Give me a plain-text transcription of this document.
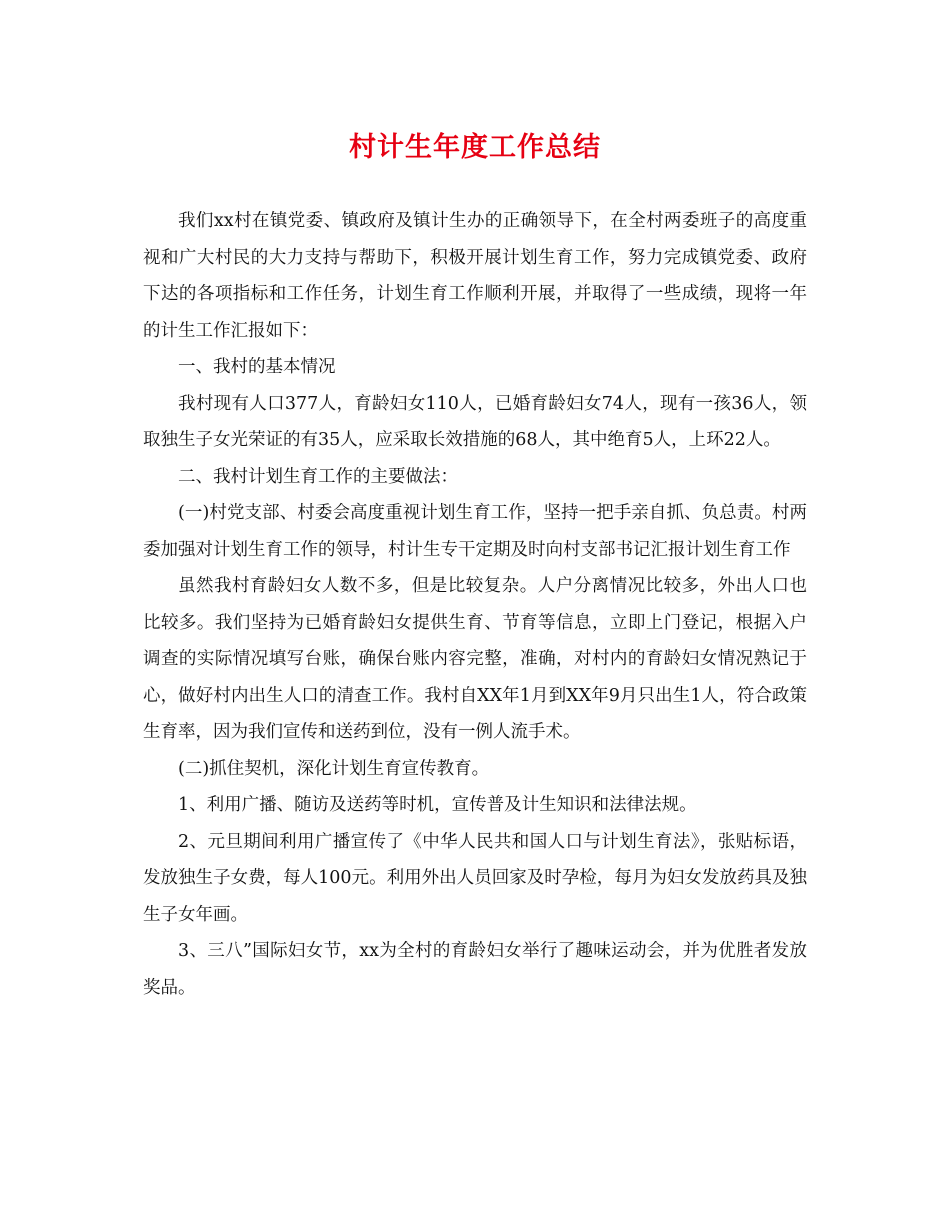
村计生年度工作总结

我们xx村在镇党委、镇政府及镇计生办的正确领导下，在全村两委班子的高度重视和广大村民的大力支持与帮助下，积极开展计划生育工作，努力完成镇党委、政府下达的各项指标和工作任务，计划生育工作顺利开展，并取得了一些成绩，现将一年的计生工作汇报如下：

一、我村的基本情况

我村现有人口377人，育龄妇女110人，已婚育龄妇女74人，现有一孩36人，领取独生子女光荣证的有35人，应采取长效措施的68人，其中绝育5人，上环22人。

二、我村计划生育工作的主要做法：

(一)村党支部、村委会高度重视计划生育工作，坚持一把手亲自抓、负总责。村两委加强对计划生育工作的领导，村计生专干定期及时向村支部书记汇报计划生育工作

虽然我村育龄妇女人数不多，但是比较复杂。人户分离情况比较多，外出人口也比较多。我们坚持为已婚育龄妇女提供生育、节育等信息，立即上门登记，根据入户调查的实际情况填写台账，确保台账内容完整，准确，对村内的育龄妇女情况熟记于心，做好村内出生人口的清查工作。我村自XX年1月到XX年9月只出生1人，符合政策生育率，因为我们宣传和送药到位，没有一例人流手术。

(二)抓住契机，深化计划生育宣传教育。

1、利用广播、随访及送药等时机，宣传普及计生知识和法律法规。

2、元旦期间利用广播宣传了《中华人民共和国人口与计划生育法》，张贴标语，发放独生子女费，每人100元。利用外出人员回家及时孕检，每月为妇女发放药具及独生子女年画。

3、三八”国际妇女节，xx为全村的育龄妇女举行了趣味运动会，并为优胜者发放奖品。
